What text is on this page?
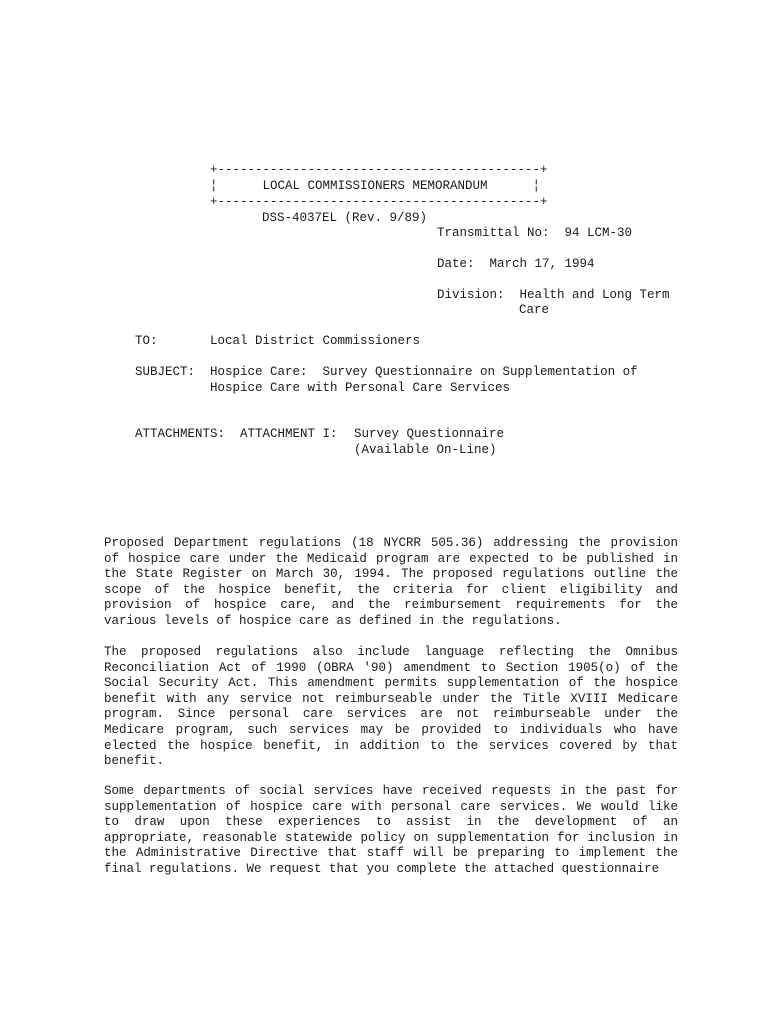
+-------------------------------------------+
¦      LOCAL COMMISSIONERS MEMORANDUM      ¦
+-------------------------------------------+
DSS-4037EL (Rev. 9/89)
Transmittal No:  94 LCM-30
Date:  March 17, 1994
Division:  Health and Long Term
Care
TO:	Local District Commissioners
SUBJECT: Hospice Care:  Survey Questionnaire on Supplementation of
Hospice Care with Personal Care Services
ATTACHMENTS: ATTACHMENT I: Survey Questionnaire
(Available On-Line)

Proposed Department regulations (18 NYCRR 505.36) addressing the provision of hospice care under the Medicaid program are expected to be published in the State Register on March 30, 1994. The proposed regulations outline the scope of the hospice benefit, the criteria for client eligibility and provision of hospice care, and the reimbursement requirements for the various levels of hospice care as defined in the regulations.

The proposed regulations also include language reflecting the Omnibus Reconciliation Act of 1990 (OBRA '90) amendment to Section 1905(o) of the Social Security Act. This amendment permits supplementation of the hospice benefit with any service not reimburseable under the Title XVIII Medicare program. Since personal care services are not reimburseable under the Medicare program, such services may be provided to individuals who have elected the hospice benefit, in addition to the services covered by that benefit.

Some departments of social services have received requests in the past for supplementation of hospice care with personal care services. We would like to draw upon these experiences to assist in the development of an appropriate, reasonable statewide policy on supplementation for inclusion in the Administrative Directive that staff will be preparing to implement the final regulations. We request that you complete the attached questionnaire
